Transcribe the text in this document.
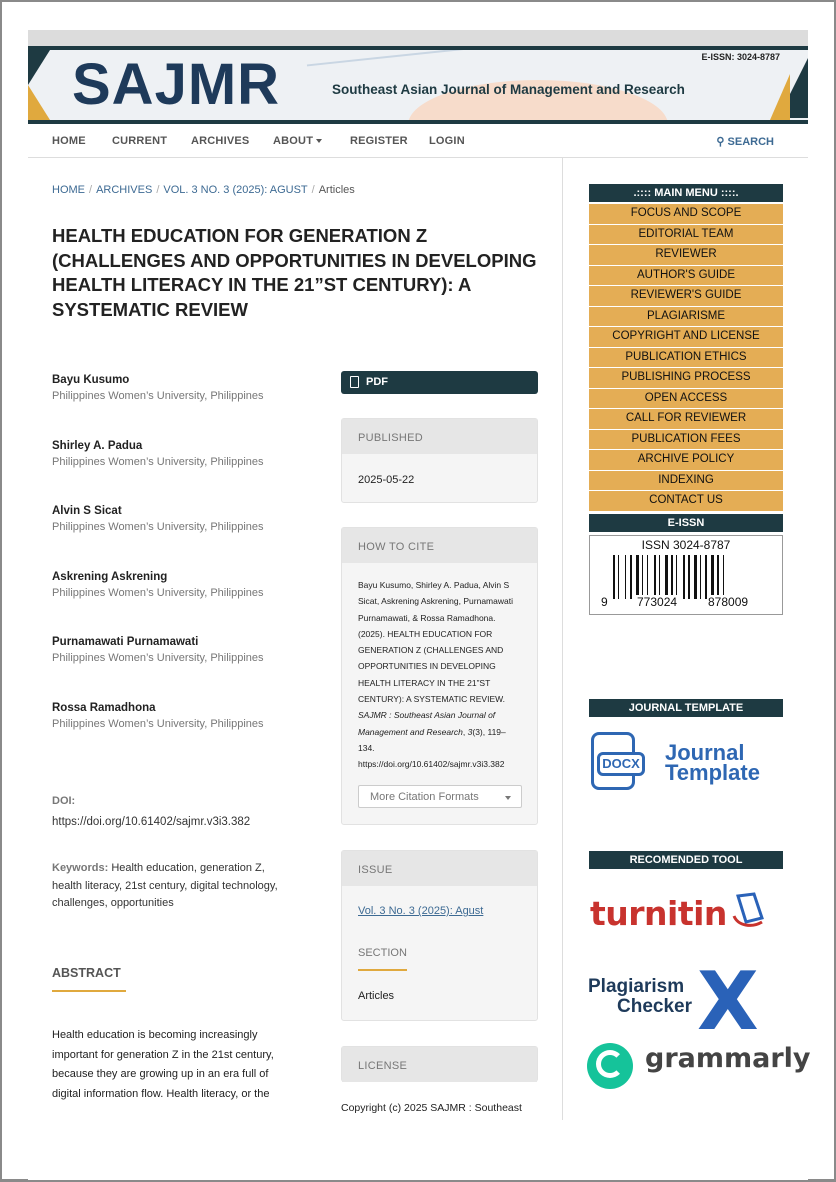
SAJMR	Southeast Asian Journal of Management and Research
E-ISSN: 3024-8787
HOME CURRENT ARCHIVES ABOUT	REGISTER LOGIN	⚲ SEARCH
HOME / ARCHIVES / VOL. 3 NO. 3 (2025): AGUST / Articles
HEALTH EDUCATION FOR GENERATION Z (CHALLENGES AND OPPORTUNITIES IN DEVELOPING HEALTH LITERACY IN THE 21”ST CENTURY): A SYSTEMATIC REVIEW
Bayu Kusumo
Philippines Women’s University, Philippines
Shirley A. Padua
Philippines Women’s University, Philippines
Alvin S Sicat
Philippines Women’s University, Philippines
Askrening Askrening
Philippines Women’s University, Philippines
Purnamawati Purnamawati
Philippines Women’s University, Philippines
Rossa Ramadhona
Philippines Women’s University, Philippines
DOI:
https://doi.org/10.61402/sajmr.v3i3.382
Keywords: Health education, generation Z, health literacy, 21st century, digital technology, challenges, opportunities
ABSTRACT
Health education is becoming increasingly important for generation Z in the 21st century, because they are growing up in an era full of digital information flow. Health literacy, or the
PDF
PUBLISHED
2025-05-22
HOW TO CITE
Bayu Kusumo, Shirley A. Padua, Alvin S Sicat, Askrening Askrening, Purnamawati Purnamawati, & Rossa Ramadhona. (2025). HEALTH EDUCATION FOR GENERATION Z (CHALLENGES AND OPPORTUNITIES IN DEVELOPING HEALTH LITERACY IN THE 21”ST CENTURY): A SYSTEMATIC REVIEW. SAJMR : Southeast Asian Journal of Management and Research, 3(3), 119–134. https://doi.org/10.61402/sajmr.v3i3.382
More Citation Formats
ISSUE
Vol. 3 No. 3 (2025): Agust
SECTION
Articles
LICENSE
Copyright (c) 2025 SAJMR : Southeast
.:::: MAIN MENU ::::.
FOCUS AND SCOPE
EDITORIAL TEAM
REVIEWER
AUTHOR'S GUIDE
REVIEWER'S GUIDE
PLAGIARISME
COPYRIGHT AND LICENSE
PUBLICATION ETHICS
PUBLISHING PROCESS
OPEN ACCESS
CALL FOR REVIEWER
PUBLICATION FEES
ARCHIVE POLICY
INDEXING
CONTACT US
E-ISSN
ISSN 3024-8787
9 773024	878009
JOURNAL TEMPLATE
DOCX Journal
Template
RECOMENDED TOOL
turnitin
X
Plagiarism
Checker
grammarly
